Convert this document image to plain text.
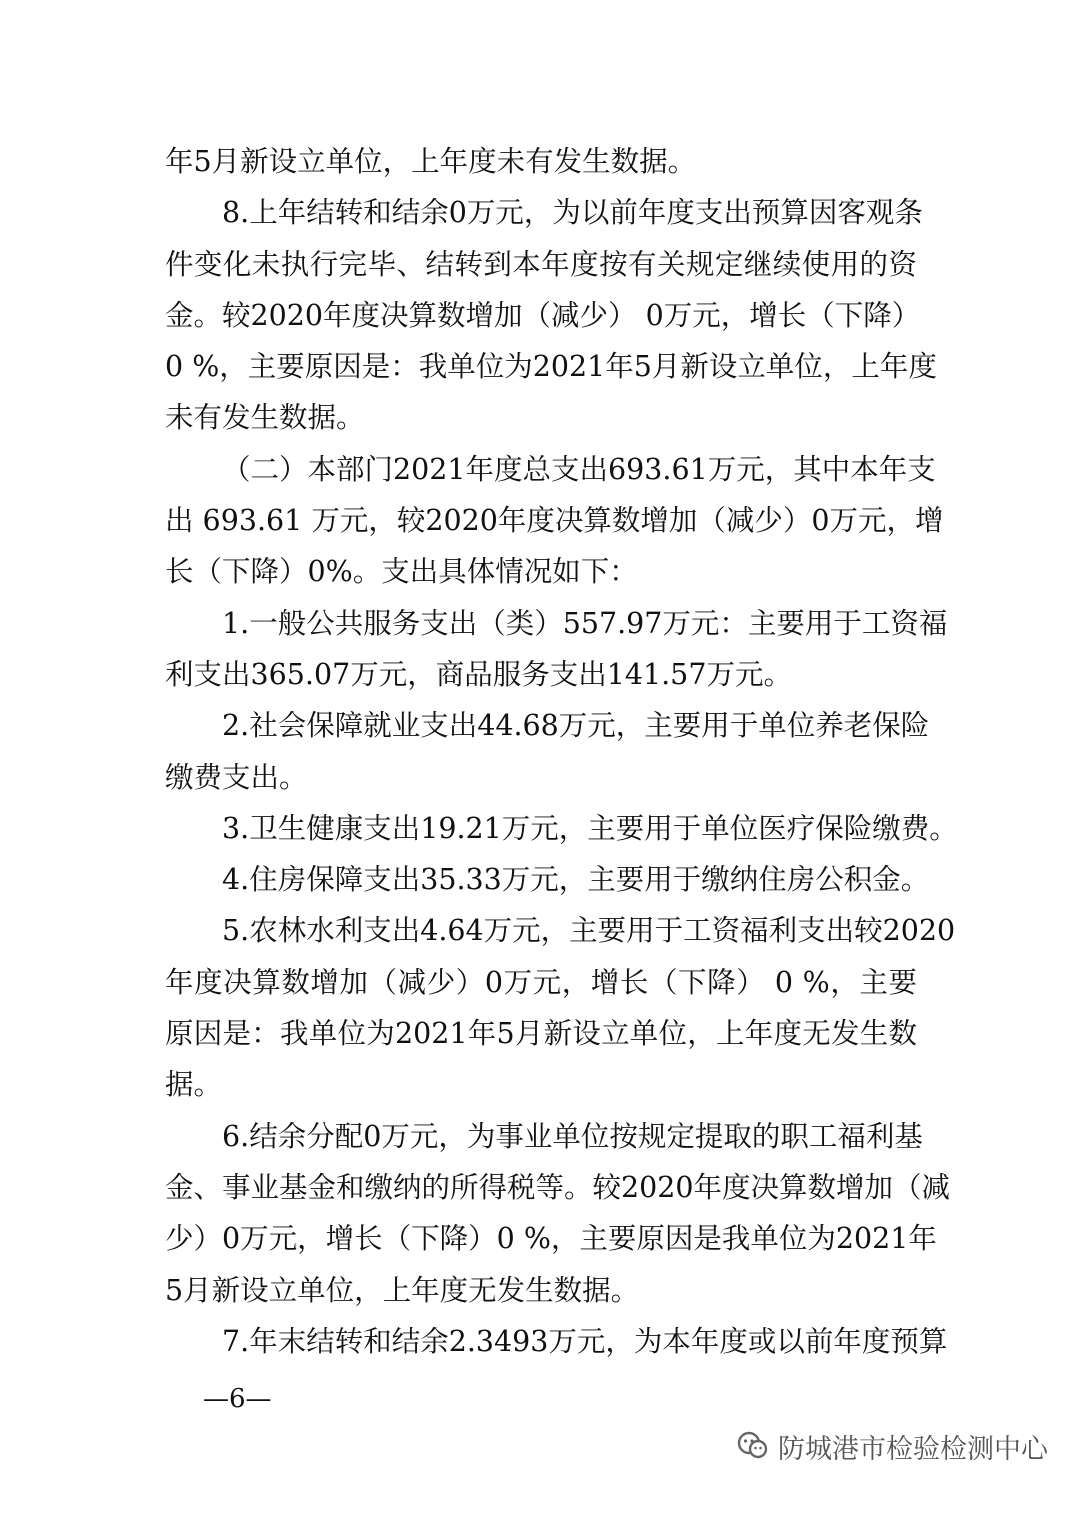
年5月新设立单位，上年度未有发生数据。
8.上年结转和结余0万元，为以前年度支出预算因客观条
件变化未执行完毕、结转到本年度按有关规定继续使用的资
金。较2020年度决算数增加（减少） 0万元，增长（下降）
0 %，主要原因是：我单位为2021年5月新设立单位，上年度
未有发生数据。
（二）本部门2021年度总支出693.61万元，其中本年支
出 693.61 万元，较2020年度决算数增加（减少）0万元，增
长（下降）0%。支出具体情况如下：
1.一般公共服务支出（类）557.97万元：主要用于工资福
利支出365.07万元，商品服务支出141.57万元。
2.社会保障就业支出44.68万元，主要用于单位养老保险
缴费支出。
3.卫生健康支出19.21万元，主要用于单位医疗保险缴费。
4.住房保障支出35.33万元，主要用于缴纳住房公积金。
5.农林水利支出4.64万元，主要用于工资福利支出较2020
年度决算数增加（减少）0万元，增长（下降） 0 %，主要
原因是：我单位为2021年5月新设立单位，上年度无发生数
据。
6.结余分配0万元，为事业单位按规定提取的职工福利基
金、事业基金和缴纳的所得税等。较2020年度决算数增加（减
少）0万元，增长（下降）0 %，主要原因是我单位为2021年
5月新设立单位，上年度无发生数据。
7.年末结转和结余2.3493万元，为本年度或以前年度预算
—6—
防城港市检验检测中心
